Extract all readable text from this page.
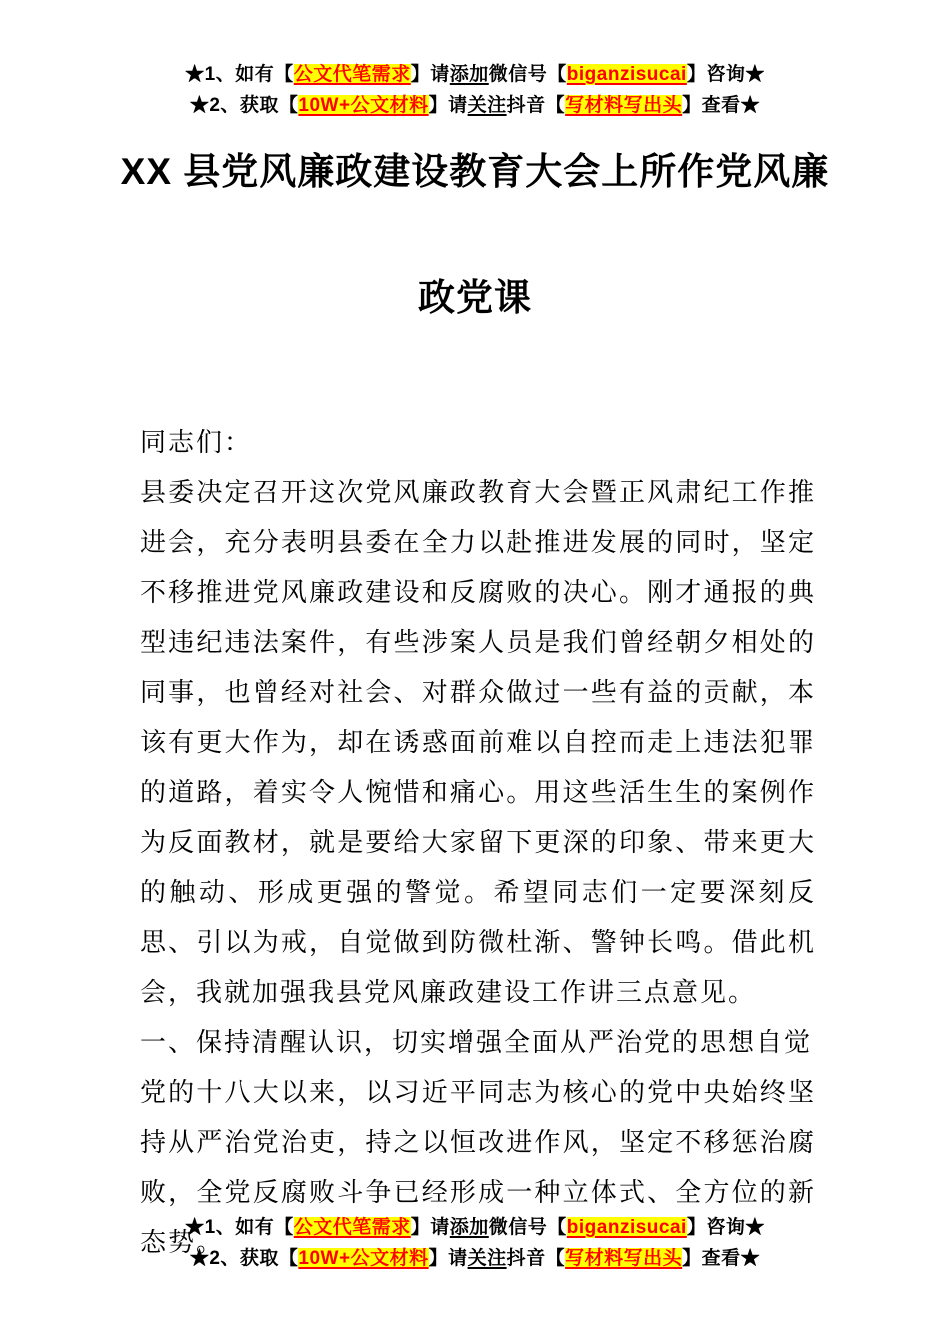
★1、如有【公文代笔需求】请添加微信号【biganzisucai】咨询★
★2、获取【10W+公文材料】请关注抖音【写材料写出头】查看★
XX 县党风廉政建设教育大会上所作党风廉
政党课

同志们：

县委决定召开这次党风廉政教育大会暨正风肃纪工作推进会，充分表明县委在全力以赴推进发展的同时，坚定不移推进党风廉政建设和反腐败的决心。刚才通报的典型违纪违法案件，有些涉案人员是我们曾经朝夕相处的同事，也曾经对社会、对群众做过一些有益的贡献，本该有更大作为，却在诱惑面前难以自控而走上违法犯罪的道路，着实令人惋惜和痛心。用这些活生生的案例作为反面教材，就是要给大家留下更深的印象、带来更大的触动、形成更强的警觉。希望同志们一定要深刻反思、引以为戒，自觉做到防微杜渐、警钟长鸣。借此机会，我就加强我县党风廉政建设工作讲三点意见。

一、保持清醒认识，切实增强全面从严治党的思想自觉

党的十八大以来，以习近平同志为核心的党中央始终坚持从严治党治吏，持之以恒改进作风，坚定不移惩治腐败，全党反腐败斗争已经形成一种立体式、全方位的新态势。

★1、如有【公文代笔需求】请添加微信号【biganzisucai】咨询★
★2、获取【10W+公文材料】请关注抖音【写材料写出头】查看★
